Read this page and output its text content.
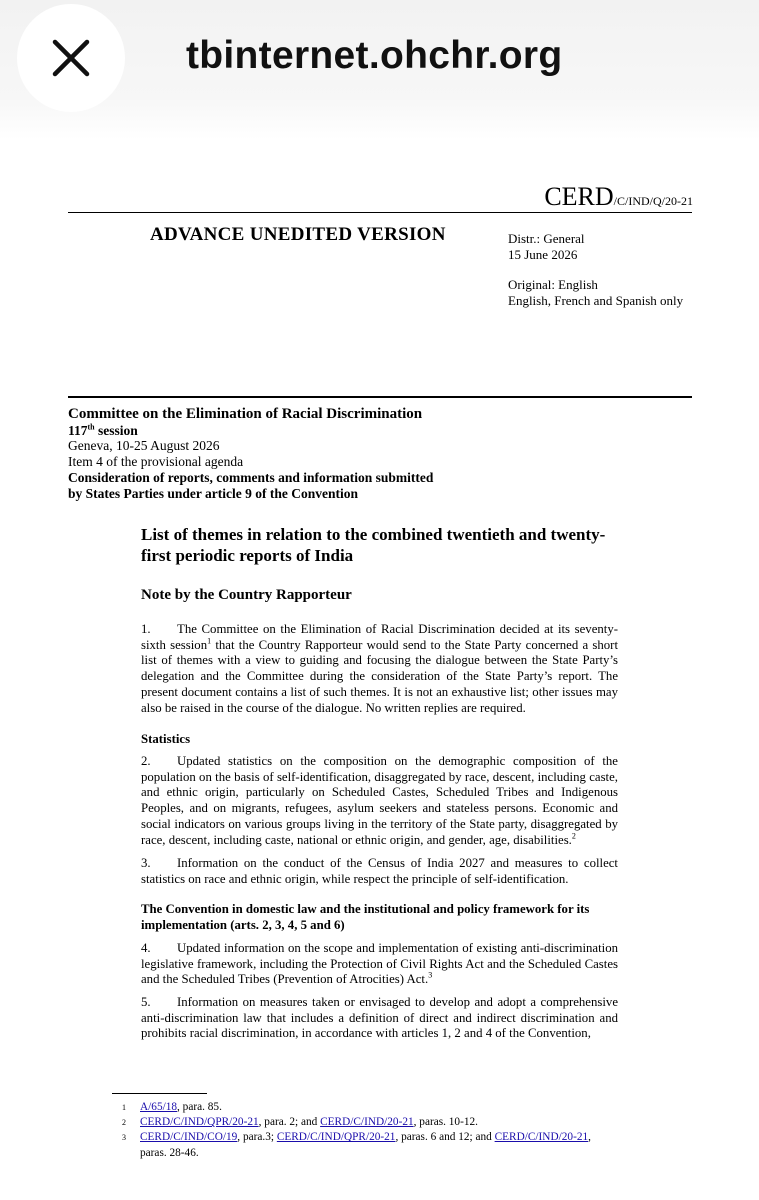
tbinternet.ohchr.org
CERD/C/IND/Q/20-21
ADVANCE UNEDITED VERSION	Distr.: General
15 June 2026
Original: English
English, French and Spanish only
Committee on the Elimination of Racial Discrimination
117th session
Geneva, 10-25 August 2026
Item 4 of the provisional agenda
Consideration of reports, comments and information submitted
by States Parties under article 9 of the Convention
List of themes in relation to the combined twentieth and twenty-first periodic reports of India
Note by the Country Rapporteur
1. The Committee on the Elimination of Racial Discrimination decided at its seventy-sixth session$^1$ that the Country Rapporteur would send to the State Party concerned a short list of themes with a view to guiding and focusing the dialogue between the State Party’s delegation and the Committee during the consideration of the State Party’s report. The present document contains a list of such themes. It is not an exhaustive list; other issues may also be raised in the course of the dialogue. No written replies are required.
Statistics
2. Updated statistics on the composition on the demographic composition of the population on the basis of self-identification, disaggregated by race, descent, including caste, and ethnic origin, particularly on Scheduled Castes, Scheduled Tribes and Indigenous Peoples, and on migrants, refugees, asylum seekers and stateless persons. Economic and social indicators on various groups living in the territory of the State party, disaggregated by race, descent, including caste, national or ethnic origin, and gender, age, disabilities.$^2$
3. Information on the conduct of the Census of India 2027 and measures to collect statistics on race and ethnic origin, while respect the principle of self-identification.
The Convention in domestic law and the institutional and policy framework for its implementation (arts. 2, 3, 4, 5 and 6)
4. Updated information on the scope and implementation of existing anti-discrimination legislative framework, including the Protection of Civil Rights Act and the Scheduled Castes and the Scheduled Tribes (Prevention of Atrocities) Act.$^3$
5. Information on measures taken or envisaged to develop and adopt a comprehensive anti-discrimination law that includes a definition of direct and indirect discrimination and prohibits racial discrimination, in accordance with articles 1, 2 and 4 of the Convention,
1	A/65/18, para. 85.
2	CERD/C/IND/QPR/20-21, para. 2; and CERD/C/IND/20-21, paras. 10-12.
3	CERD/C/IND/CO/19, para.3; CERD/C/IND/QPR/20-21, paras. 6 and 12; and CERD/C/IND/20-21,
paras. 28-46.
